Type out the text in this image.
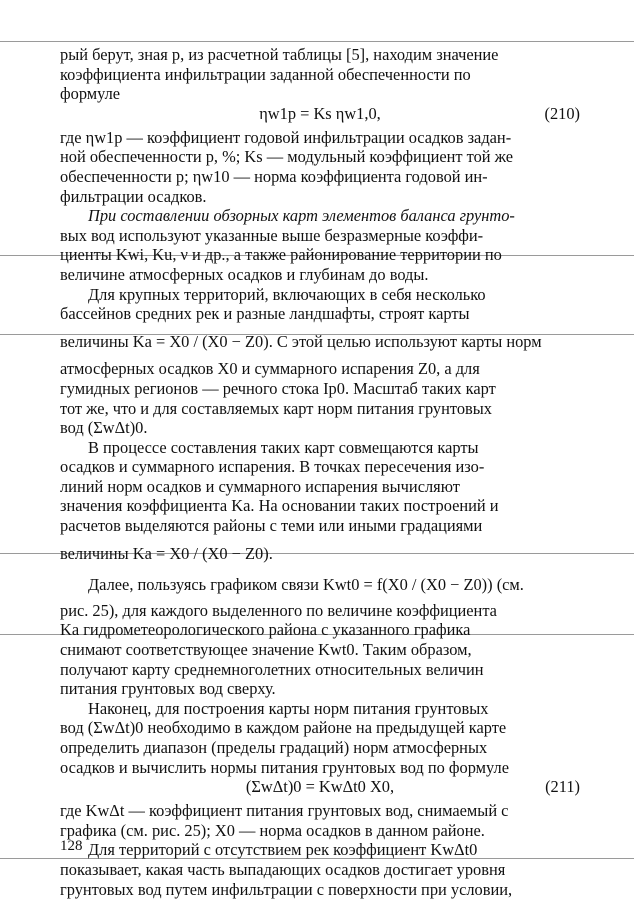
рый берут, зная p, из расчетной таблицы [5], находим значение

коэффициента инфильтрации заданной обеспеченности по

формуле

ηw1p = Ks ηw1,0,	(210)

где ηw1p — коэффициент годовой инфильтрации осадков задан-

ной обеспеченности p, %; Ks — модульный коэффициент той же

обеспеченности p; ηw10 — норма коэффициента годовой ин-

фильтрации осадков.

При составлении обзорных карт элементов баланса грунто-

вых вод используют указанные выше безразмерные коэффи-

циенты Kwi, Ku, ν и др., а также районирование территории по

величине атмосферных осадков и глубинам до воды.

Для крупных территорий, включающих в себя несколько

бассейнов средних рек и разные ландшафты, строят карты

величины Ka = X0 / (X0 − Z0). С этой целью используют карты норм

атмосферных осадков X0 и суммарного испарения Z0, а для

гумидных регионов — речного стока Ip0. Масштаб таких карт

тот же, что и для составляемых карт норм питания грунтовых

вод (ΣwΔt)0.

В процессе составления таких карт совмещаются карты

осадков и суммарного испарения. В точках пересечения изо-

линий норм осадков и суммарного испарения вычисляют

значения коэффициента Ka. На основании таких построений и

расчетов выделяются районы с теми или иными градациями

величины Ka = X0 / (X0 − Z0).

Далее, пользуясь графиком связи Kwt0 = f(X0 / (X0 − Z0)) (см.

рис. 25), для каждого выделенного по величине коэффициента

Ka гидрометеорологического района с указанного графика

снимают соответствующее значение Kwt0. Таким образом,

получают карту среднемноголетних относительных величин

питания грунтовых вод сверху.

Наконец, для построения карты норм питания грунтовых

вод (ΣwΔt)0 необходимо в каждом районе на предыдущей карте

определить диапазон (пределы градаций) норм атмосферных

осадков и вычислить нормы питания грунтовых вод по формуле

(ΣwΔt)0 = KwΔt0 X0,	(211)

где KwΔt — коэффициент питания грунтовых вод, снимаемый с

графика (см. рис. 25); X0 — норма осадков в данном районе.

Для территорий с отсутствием рек коэффициент KwΔt0

показывает, какая часть выпадающих осадков достигает уровня

грунтовых вод путем инфильтрации с поверхности при условии,

128
